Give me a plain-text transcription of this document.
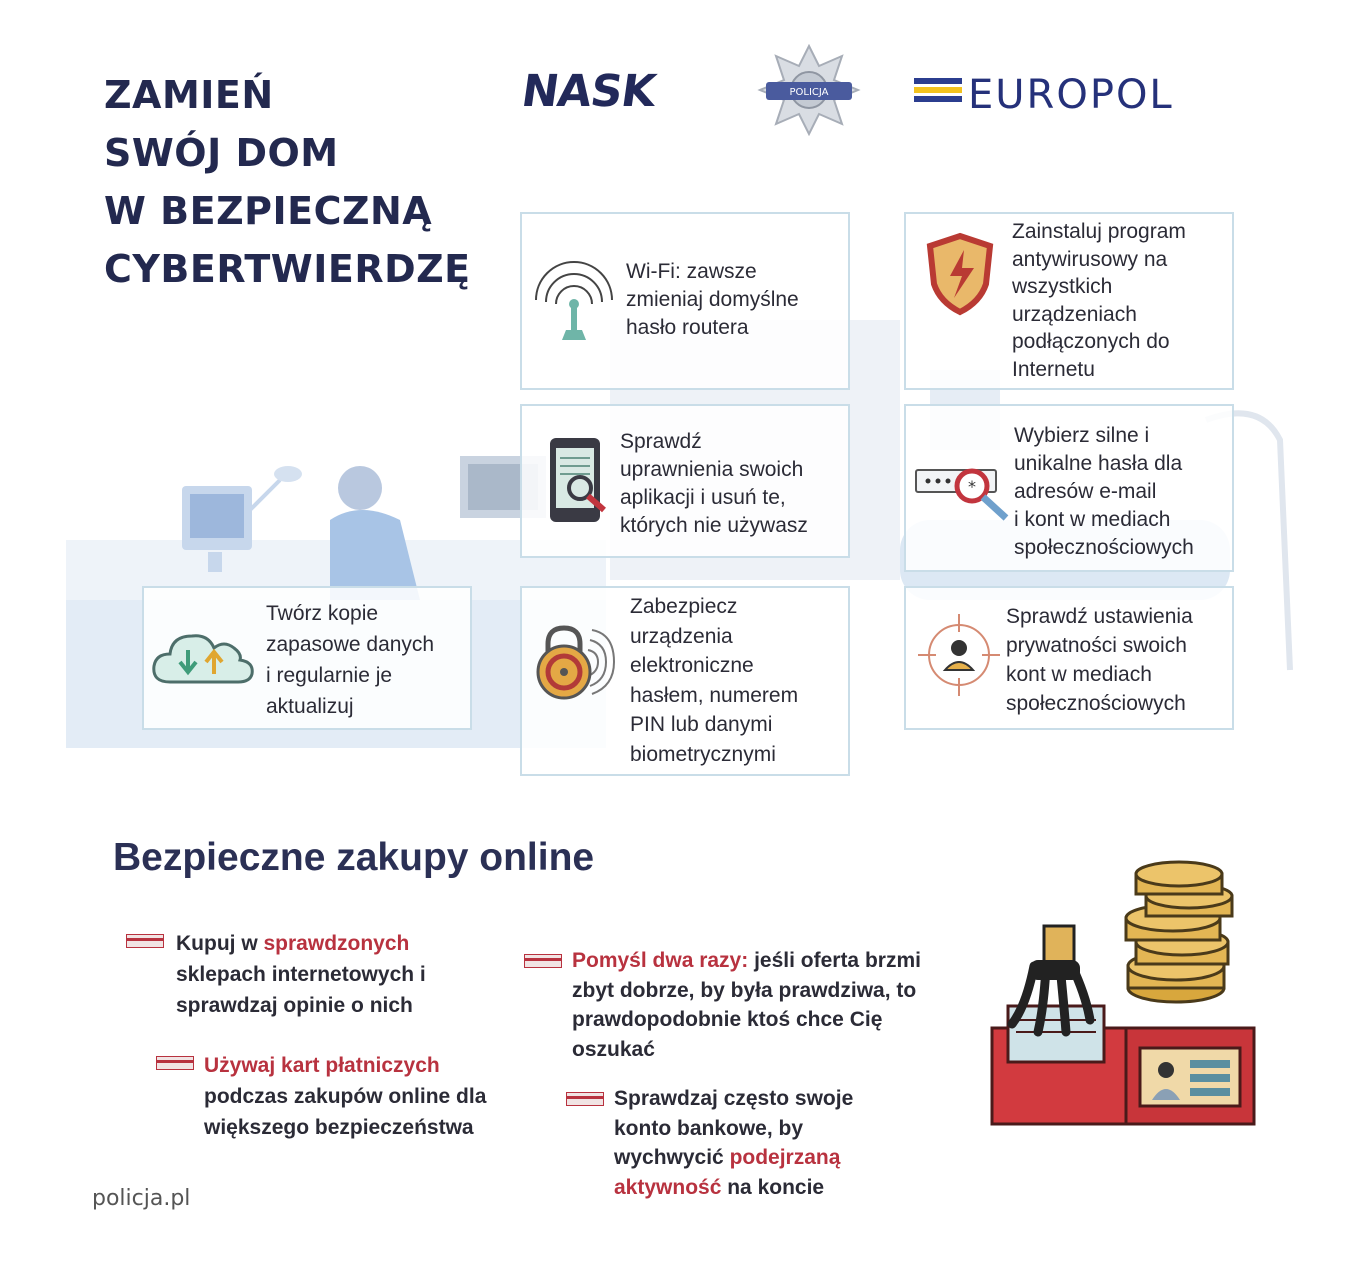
ZAMIEŃ
SWÓJ DOM
W BEZPIECZNĄ
CYBERTWIERDZĘ
NASK	POLICJA	EUROPOL
Wi-Fi: zawsze
zmieniaj domyślne
hasło routera
Zainstaluj program
antywirusowy na
wszystkich
urządzeniach
podłączonych do
Internetu
Sprawdź
uprawnienia swoich
aplikacji i usuń te,
których nie używasz
*
Wybierz silne i
unikalne hasła dla
adresów e-mail
i kont w mediach
społecznościowych
Twórz kopie
zapasowe danych
i regularnie je
aktualizuj
Zabezpiecz
urządzenia
elektroniczne
hasłem, numerem
PIN lub danymi
biometrycznymi
Sprawdź ustawienia
prywatności swoich
kont w mediach
społecznościowych
Bezpieczne zakupy online
Kupuj w sprawdzonych
sklepach internetowych i
sprawdzaj opinie o nich
Używaj kart płatniczych
podczas zakupów online dla
większego bezpieczeństwa
Pomyśl dwa razy: jeśli oferta brzmi
zbyt dobrze, by była prawdziwa, to
prawdopodobnie ktoś chce Cię
oszukać
Sprawdzaj często swoje
konto bankowe, by
wychwycić podejrzaną
aktywność na koncie
policja.pl
